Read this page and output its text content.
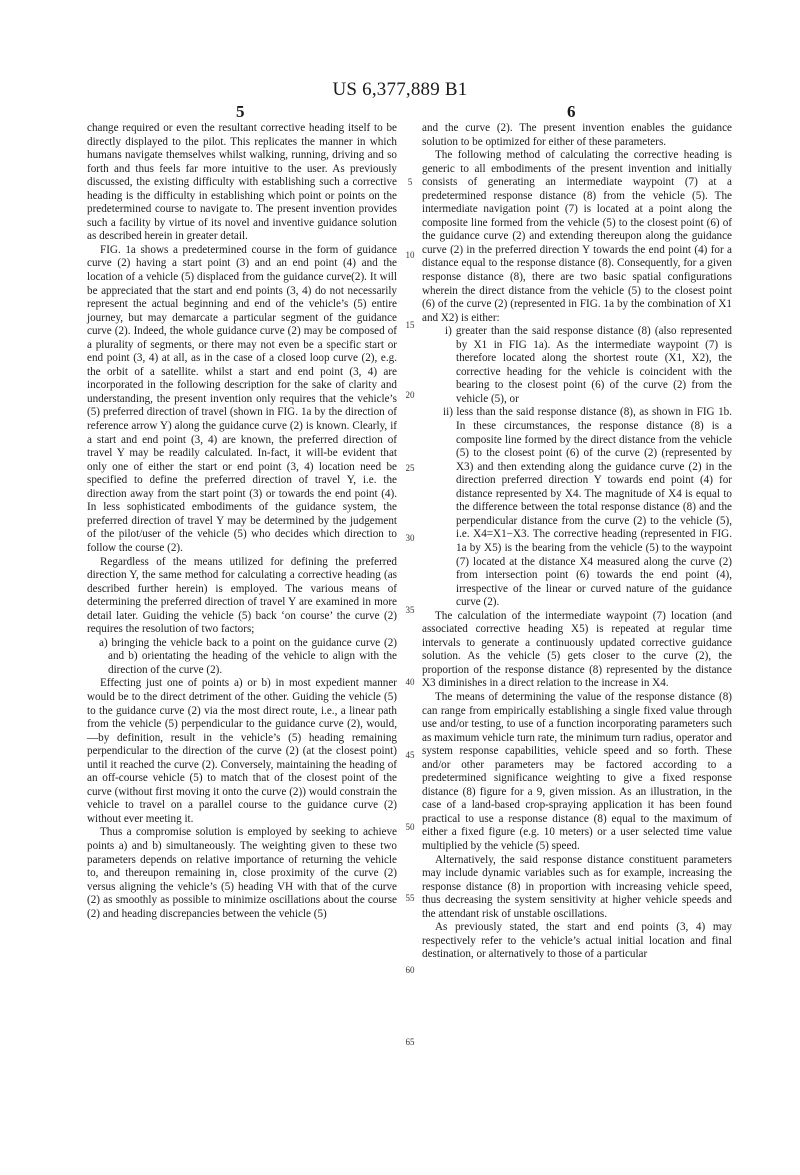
US 6,377,889 B1
5	6

change required or even the resultant corrective heading itself to be directly displayed to the pilot. This replicates the manner in which humans navigate themselves whilst walking, running, driving and so forth and thus feels far more intuitive to the user. As previously discussed, the existing difficulty with establishing such a corrective heading is the difficulty in establishing which point or points on the predetermined course to navigate to. The present invention provides such a facility by virtue of its novel and inventive guidance solution as described herein in greater detail.

FIG. 1a shows a predetermined course in the form of guidance curve (2) having a start point (3) and an end point (4) and the location of a vehicle (5) displaced from the guidance curve(2). It will be appreciated that the start and end points (3, 4) do not necessarily represent the actual beginning and end of the vehicle’s (5) entire journey, but may demarcate a particular segment of the guidance curve (2). Indeed, the whole guidance curve (2) may be composed of a plurality of segments, or there may not even be a specific start or end point (3, 4) at all, as in the case of a closed loop curve (2), e.g. the orbit of a satellite. whilst a start and end point (3, 4) are incorporated in the following description for the sake of clarity and understanding, the present invention only requires that the vehicle’s (5) preferred direction of travel (shown in FIG. 1a by the direction of reference arrow Y) along the guidance curve (2) is known. Clearly, if a start and end point (3, 4) are known, the preferred direction of travel Y may be readily calculated. In-fact, it will-be evident that only one of either the start or end point (3, 4) location need be specified to define the preferred direction of travel Y, i.e. the direction away from the start point (3) or towards the end point (4). In less sophisticated embodiments of the guidance system, the preferred direction of travel Y may be determined by the judgement of the pilot/user of the vehicle (5) who decides which direction to follow the course (2).

Regardless of the means utilized for defining the preferred direction Y, the same method for calculating a corrective heading (as described further herein) is employed. The various means of determining the preferred direction of travel Y are examined in more detail later. Guiding the vehicle (5) back ‘on course’ the curve (2) requires the resolution of two factors;

a) bringing the vehicle back to a point on the guidance curve (2) and b) orientating the heading of the vehicle to align with the direction of the curve (2).

Effecting just one of points a) or b) in most expedient manner would be to the direct detriment of the other. Guiding the vehicle (5) to the guidance curve (2) via the most direct route, i.e., a linear path from the vehicle (5) perpendicular to the guidance curve (2), would,—by definition, result in the vehicle’s (5) heading remaining perpendicular to the direction of the curve (2) (at the closest point) until it reached the curve (2). Conversely, maintaining the heading of an off-course vehicle (5) to match that of the closest point of the curve (without first moving it onto the curve (2)) would constrain the vehicle to travel on a parallel course to the guidance curve (2) without ever meeting it.

Thus a compromise solution is employed by seeking to achieve points a) and b) simultaneously. The weighting given to these two parameters depends on relative importance of returning the vehicle to, and thereupon remaining in, close proximity of the curve (2) versus aligning the vehicle’s (5) heading VH with that of the curve (2) as smoothly as possible to minimize oscillations about the course (2) and heading discrepancies between the vehicle (5)

and the curve (2). The present invention enables the guidance solution to be optimized for either of these parameters.

The following method of calculating the corrective heading is generic to all embodiments of the present invention and initially consists of generating an intermediate waypoint (7) at a predetermined response distance (8) from the vehicle (5). The intermediate navigation point (7) is located at a point along the composite line formed from the vehicle (5) to the closest point (6) of the guidance curve (2) and extending thereupon along the guidance curve (2) in the preferred direction Y towards the end point (4) for a distance equal to the response distance (8). Consequently, for a given response distance (8), there are two basic spatial configurations wherein the direct distance from the vehicle (5) to the closest point (6) of the curve (2) (represented in FIG. 1a by the combination of X1 and X2) is either:

i) greater than the said response distance (8) (also represented by X1 in FIG 1a). As the intermediate waypoint (7) is therefore located along the shortest route (X1, X2), the corrective heading for the vehicle is coincident with the bearing to the closest point (6) of the curve (2) from the vehicle (5), or

ii) less than the said response distance (8), as shown in FIG 1b. In these circumstances, the response distance (8) is a composite line formed by the direct distance from the vehicle (5) to the closest point (6) of the curve (2) (represented by X3) and then extending along the guidance curve (2) in the direction preferred direction Y towards end point (4) for distance represented by X4. The magnitude of X4 is equal to the difference between the total response distance (8) and the perpendicular distance from the curve (2) to the vehicle (5), i.e. X4=X1−X3. The corrective heading (represented in FIG. 1a by X5) is the bearing from the vehicle (5) to the waypoint (7) located at the distance X4 measured along the curve (2) from intersection point (6) towards the end point (4), irrespective of the linear or curved nature of the guidance curve (2).

The calculation of the intermediate waypoint (7) location (and associated corrective heading X5) is repeated at regular time intervals to generate a continuously updated corrective guidance solution. As the vehicle (5) gets closer to the curve (2), the proportion of the response distance (8) represented by the distance X3 diminishes in a direct relation to the increase in X4.

The means of determining the value of the response distance (8) can range from empirically establishing a single fixed value through use and/or testing, to use of a function incorporating parameters such as maximum vehicle turn rate, the minimum turn radius, operator and system response capabilities, vehicle speed and so forth. These and/or other parameters may be factored according to a predetermined significance weighting to give a fixed response distance (8) figure for a 9, given mission. As an illustration, in the case of a land-based crop-spraying application it has been found practical to use a response distance (8) equal to the maximum of either a fixed figure (e.g. 10 meters) or a user selected time value multiplied by the vehicle (5) speed.

Alternatively, the said response distance constituent parameters may include dynamic variables such as for example, increasing the response distance (8) in proportion with increasing vehicle speed, thus decreasing the system sensitivity at higher vehicle speeds and the attendant risk of unstable oscillations.

As previously stated, the start and end points (3, 4) may respectively refer to the vehicle’s actual initial location and final destination, or alternatively to those of a particular

5
10
15
20
25
30
35
40
45
50
55
60
65
